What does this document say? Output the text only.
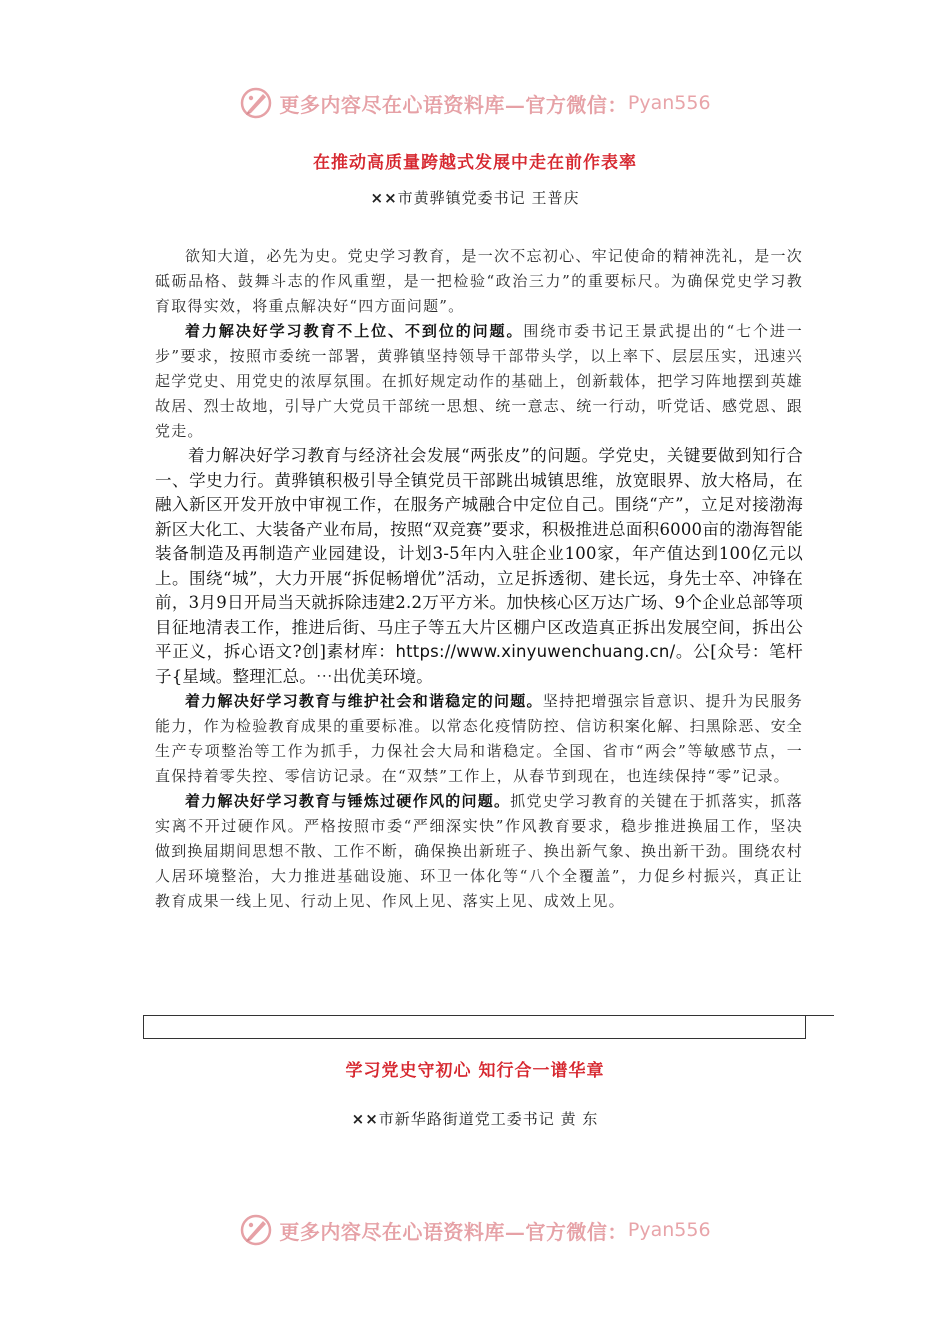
更多内容尽在心语资料库—官方微信： Pyan556
在推动高质量跨越式发展中走在前作表率
××市黄骅镇党委书记 王普庆

欲知大道，必先为史。党史学习教育，是一次不忘初心、牢记使命的精神洗礼，是一次砥砺品格、鼓舞斗志的作风重塑，是一把检验“政治三力”的重要标尺。为确保党史学习教育取得实效，将重点解决好“四方面问题”。

着力解决好学习教育不上位、不到位的问题。围绕市委书记王景武提出的“七个进一步”要求，按照市委统一部署，黄骅镇坚持领导干部带头学，以上率下、层层压实，迅速兴起学党史、用党史的浓厚氛围。在抓好规定动作的基础上，创新载体，把学习阵地摆到英雄故居、烈士故地，引导广大党员干部统一思想、统一意志、统一行动，听党话、感党恩、跟党走。

着力解决好学习教育与经济社会发展“两张皮”的问题。学党史，关键要做到知行合一、学史力行。黄骅镇积极引导全镇党员干部跳出城镇思维，放宽眼界、放大格局，在融入新区开发开放中审视工作，在服务产城融合中定位自己。围绕“产”，立足对接渤海新区大化工、大装备产业布局，按照“双竞赛”要求，积极推进总面积6000亩的渤海智能装备制造及再制造产业园建设，计划3-5年内入驻企业100家，年产值达到100亿元以上。围绕“城”，大力开展“拆促畅增优”活动，立足拆透彻、建长远，身先士卒、冲锋在前，3月9日开局当天就拆除违建2.2万平方米。加快核心区万达广场、9个企业总部等项目征地清表工作，推进后街、马庄子等五大片区棚户区改造真正拆出发展空间，拆出公平正义，拆心语文?创]素材库：https://www.xinyuwenchuang.cn/。公[众号：笔杆子{星域。整理汇总。⋯出优美环境。

着力解决好学习教育与维护社会和谐稳定的问题。坚持把增强宗旨意识、提升为民服务能力，作为检验教育成果的重要标准。以常态化疫情防控、信访积案化解、扫黑除恶、安全生产专项整治等工作为抓手，力保社会大局和谐稳定。全国、省市“两会”等敏感节点，一直保持着零失控、零信访记录。在“双禁”工作上，从春节到现在，也连续保持“零”记录。

着力解决好学习教育与锤炼过硬作风的问题。抓党史学习教育的关键在于抓落实，抓落实离不开过硬作风。严格按照市委“严细深实快”作风教育要求，稳步推进换届工作，坚决做到换届期间思想不散、工作不断，确保换出新班子、换出新气象、换出新干劲。围绕农村人居环境整治，大力推进基础设施、环卫一体化等“八个全覆盖”，力促乡村振兴，真正让教育成果一线上见、行动上见、作风上见、落实上见、成效上见。

学习党史守初心 知行合一谱华章
××市新华路街道党工委书记 黄 东
更多内容尽在心语资料库—官方微信： Pyan556
